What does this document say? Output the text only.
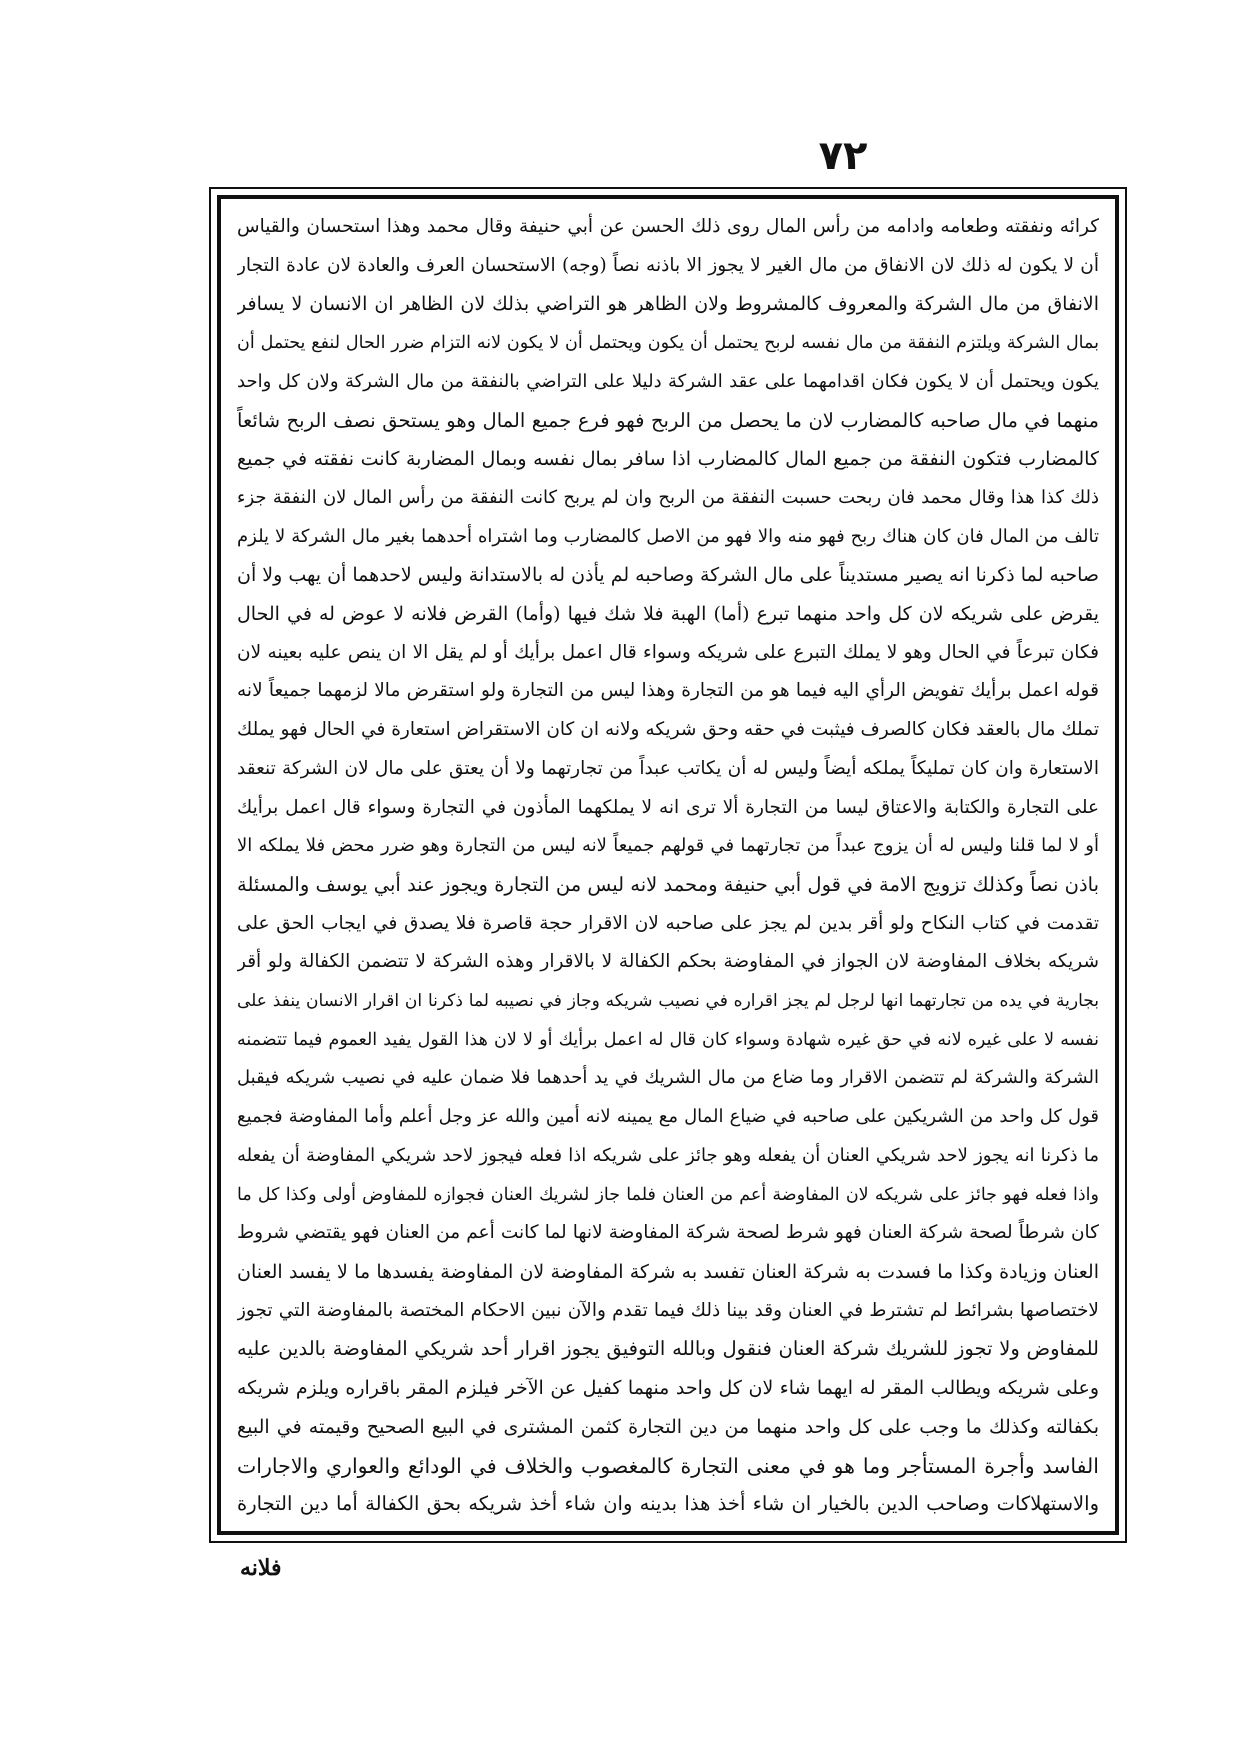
٧٢
كرائه ونفقته وطعامه وادامه من رأس المال روى ذلك الحسن عن أبي حنيفة وقال محمد وهذا استحسان والقياس
أن لا يكون له ذلك لان الانفاق من مال الغير لا يجوز الا باذنه نصاً (وجه) الاستحسان العرف والعادة لان عادة التجار
الانفاق من مال الشركة والمعروف كالمشروط ولان الظاهر هو التراضي بذلك لان الظاهر ان الانسان لا يسافر
بمال الشركة ويلتزم النفقة من مال نفسه لربح يحتمل أن يكون ويحتمل أن لا يكون لانه التزام ضرر الحال لنفع يحتمل أن
يكون ويحتمل أن لا يكون فكان اقدامهما على عقد الشركة دليلا على التراضي بالنفقة من مال الشركة ولان كل واحد
منهما في مال صاحبه كالمضارب لان ما يحصل من الربح فهو فرع جميع المال وهو يستحق نصف الربح شائعاً
كالمضارب فتكون النفقة من جميع المال كالمضارب اذا سافر بمال نفسه وبمال المضاربة كانت نفقته في جميع
ذلك كذا هذا وقال محمد فان ربحت حسبت النفقة من الربح وان لم يربح كانت النفقة من رأس المال لان النفقة جزء
تالف من المال فان كان هناك ربح فهو منه والا فهو من الاصل كالمضارب وما اشتراه أحدهما بغير مال الشركة لا يلزم
صاحبه لما ذكرنا انه يصير مستديناً على مال الشركة وصاحبه لم يأذن له بالاستدانة وليس لاحدهما أن يهب ولا أن
يقرض على شريكه لان كل واحد منهما تبرع (أما) الهبة فلا شك فيها (وأما) القرض فلانه لا عوض له في الحال
فكان تبرعاً في الحال وهو لا يملك التبرع على شريكه وسواء قال اعمل برأيك أو لم يقل الا ان ينص عليه بعينه لان
قوله اعمل برأيك تفويض الرأي اليه فيما هو من التجارة وهذا ليس من التجارة ولو استقرض مالا لزمهما جميعاً لانه
تملك مال بالعقد فكان كالصرف فيثبت في حقه وحق شريكه ولانه ان كان الاستقراض استعارة في الحال فهو يملك
الاستعارة وان كان تمليكاً يملكه أيضاً وليس له أن يكاتب عبداً من تجارتهما ولا أن يعتق على مال لان الشركة تنعقد
على التجارة والكتابة والاعتاق ليسا من التجارة ألا ترى انه لا يملكهما المأذون في التجارة وسواء قال اعمل برأيك
أو لا لما قلنا وليس له أن يزوج عبداً من تجارتهما في قولهم جميعاً لانه ليس من التجارة وهو ضرر محض فلا يملكه الا
باذن نصاً وكذلك تزويج الامة في قول أبي حنيفة ومحمد لانه ليس من التجارة ويجوز عند أبي يوسف والمسئلة
تقدمت في كتاب النكاح ولو أقر بدين لم يجز على صاحبه لان الاقرار حجة قاصرة فلا يصدق في ايجاب الحق على
شريكه بخلاف المفاوضة لان الجواز في المفاوضة بحكم الكفالة لا بالاقرار وهذه الشركة لا تتضمن الكفالة ولو أقر
بجارية في يده من تجارتهما انها لرجل لم يجز اقراره في نصيب شريكه وجاز في نصيبه لما ذكرنا ان اقرار الانسان ينفذ على
نفسه لا على غيره لانه في حق غيره شهادة وسواء كان قال له اعمل برأيك أو لا لان هذا القول يفيد العموم فيما تتضمنه
الشركة والشركة لم تتضمن الاقرار وما ضاع من مال الشريك في يد أحدهما فلا ضمان عليه في نصيب شريكه فيقبل
قول كل واحد من الشريكين على صاحبه في ضياع المال مع يمينه لانه أمين والله عز وجل أعلم وأما المفاوضة فجميع
ما ذكرنا انه يجوز لاحد شريكي العنان أن يفعله وهو جائز على شريكه اذا فعله فيجوز لاحد شريكي المفاوضة أن يفعله
واذا فعله فهو جائز على شريكه لان المفاوضة أعم من العنان فلما جاز لشريك العنان فجوازه للمفاوض أولى وكذا كل ما
كان شرطاً لصحة شركة العنان فهو شرط لصحة شركة المفاوضة لانها لما كانت أعم من العنان فهو يقتضي شروط
العنان وزيادة وكذا ما فسدت به شركة العنان تفسد به شركة المفاوضة لان المفاوضة يفسدها ما لا يفسد العنان
لاختصاصها بشرائط لم تشترط في العنان وقد بينا ذلك فيما تقدم والآن نبين الاحكام المختصة بالمفاوضة التي تجوز
للمفاوض ولا تجوز للشريك شركة العنان فنقول وبالله التوفيق يجوز اقرار أحد شريكي المفاوضة بالدين عليه
وعلى شريكه ويطالب المقر له ايهما شاء لان كل واحد منهما كفيل عن الآخر فيلزم المقر باقراره ويلزم شريكه
بكفالته وكذلك ما وجب على كل واحد منهما من دين التجارة كثمن المشترى في البيع الصحيح وقيمته في البيع
الفاسد وأجرة المستأجر وما هو في معنى التجارة كالمغصوب والخلاف في الودائع والعواري والاجارات
والاستهلاكات وصاحب الدين بالخيار ان شاء أخذ هذا بدينه وان شاء أخذ شريكه بحق الكفالة أما دين التجارة
فلانه
